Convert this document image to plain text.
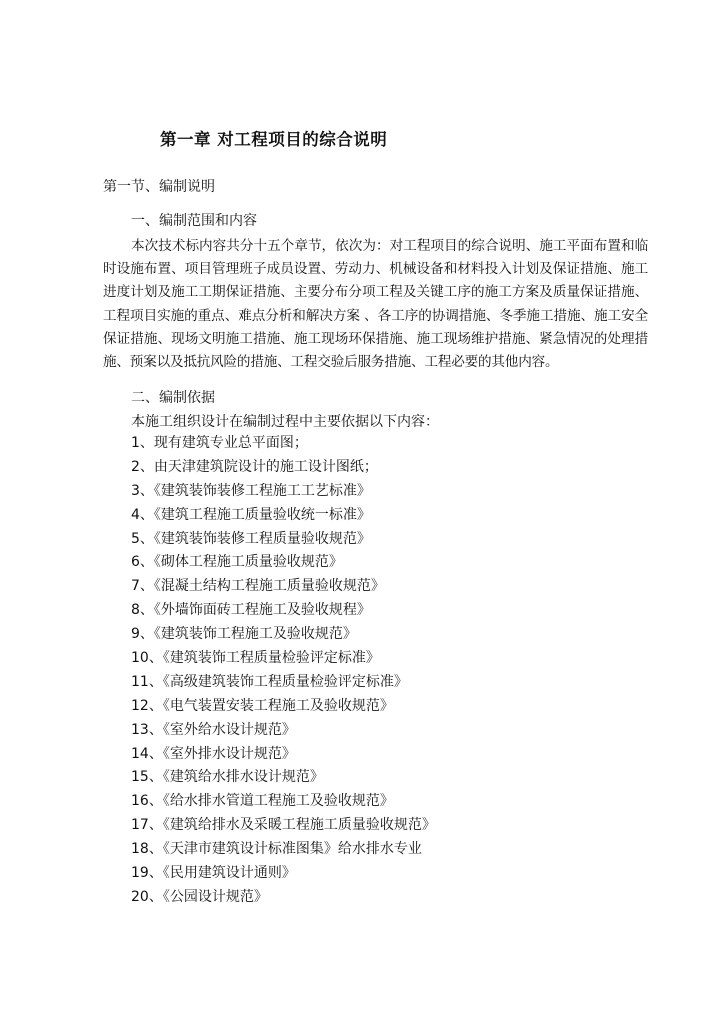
第一章 对工程项目的综合说明
第一节、编制说明
一、编制范围和内容
本次技术标内容共分十五个章节，依次为：对工程项目的综合说明、施工平面布置和临时设施布置、项目管理班子成员设置、劳动力、机械设备和材料投入计划及保证措施、施工进度计划及施工工期保证措施、主要分布分项工程及关键工序的施工方案及质量保证措施、工程项目实施的重点、难点分析和解决方案 、各工序的协调措施、冬季施工措施、施工安全保证措施、现场文明施工措施、施工现场环保措施、施工现场维护措施、紧急情况的处理措施、预案以及抵抗风险的措施、工程交验后服务措施、工程必要的其他内容。
二、编制依据
本施工组织设计在编制过程中主要依据以下内容：
1、现有建筑专业总平面图；
2、由天津建筑院设计的施工设计图纸；
3、《建筑装饰装修工程施工工艺标准》
4、《建筑工程施工质量验收统一标准》
5、《建筑装饰装修工程质量验收规范》
6、《砌体工程施工质量验收规范》
7、《混凝土结构工程施工质量验收规范》
8、《外墙饰面砖工程施工及验收规程》
9、《建筑装饰工程施工及验收规范》
10、《建筑装饰工程质量检验评定标准》
11、《高级建筑装饰工程质量检验评定标准》
12、《电气装置安装工程施工及验收规范》
13、《室外给水设计规范》
14、《室外排水设计规范》
15、《建筑给水排水设计规范》
16、《给水排水管道工程施工及验收规范》
17、《建筑给排水及采暖工程施工质量验收规范》
18、《天津市建筑设计标准图集》给水排水专业
19、《民用建筑设计通则》
20、《公园设计规范》
